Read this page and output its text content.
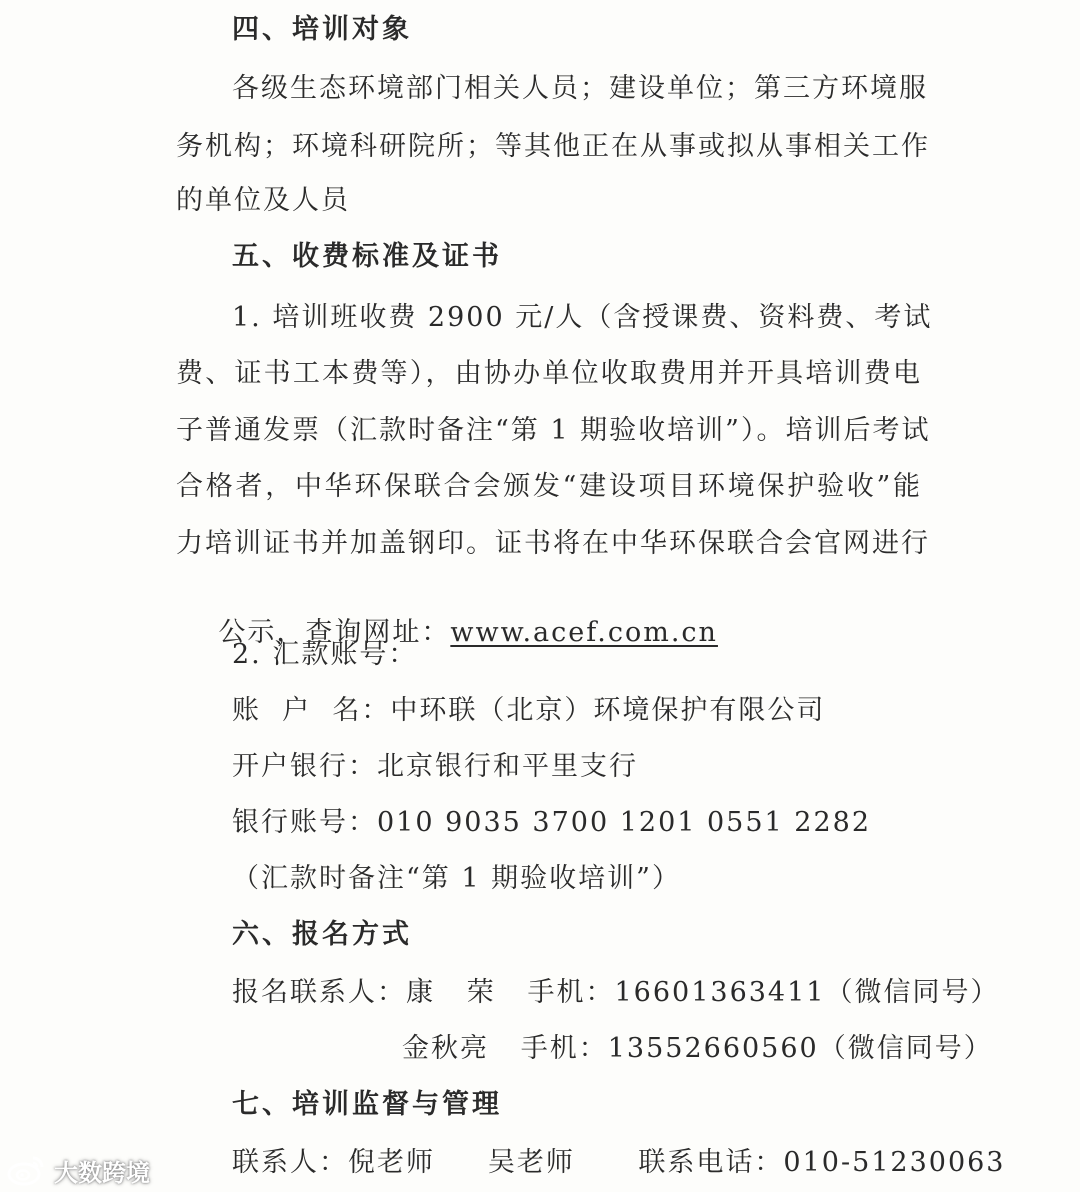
四、培训对象
各级生态环境部门相关人员；建设单位；第三方环境服
务机构；环境科研院所；等其他正在从事或拟从事相关工作
的单位及人员
五、收费标准及证书
1. 培训班收费 2900 元/人（含授课费、资料费、考试
费、证书工本费等），由协办单位收取费用并开具培训费电
子普通发票（汇款时备注“第 1 期验收培训”）。培训后考试
合格者，中华环保联合会颁发“建设项目环境保护验收”能
力培训证书并加盖钢印。证书将在中华环保联合会官网进行

公示，查询网址：www.acef.com.cn

2. 汇款账号：
账  户  名：中环联（北京）环境保护有限公司
开户银行：北京银行和平里支行
银行账号：010 9035 3700 1201 0551 2282
（汇款时备注“第 1 期验收培训”）
六、报名方式
报名联系人：康   荣   手机：16601363411（微信同号）
金秋亮   手机：13552660560（微信同号）
七、培训监督与管理
联系人：倪老师     吴老师      联系电话：010-51230063
大数跨境
